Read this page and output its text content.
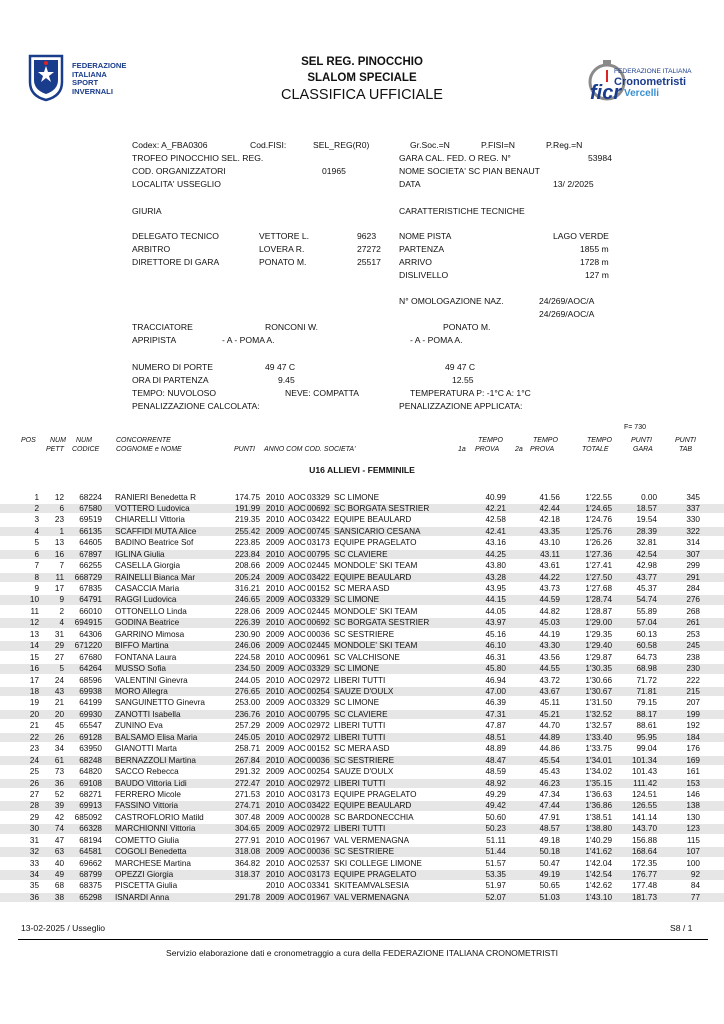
FEDERAZIONE
ITALIANA
SPORT
INVERNALI
FEDERAZIONE ITALIANA
Cronometristi
Vercelli
ficr
SEL REG. PINOCCHIO
SLALOM SPECIALE
CLASSIFICA UFFICIALE
Codex: A_FBA0306	Cod.FISI:	SEL_REG(R0)	Gr.Soc.=N	P.FISI=N	P.Reg.=N
TROFEO PINOCCHIO SEL. REG.	GARA CAL. FED. O REG. N°	53984
COD. ORGANIZZATORI	01965	NOME SOCIETA' SC PIAN BENAUT
LOCALITA' USSEGLIO	DATA	13/ 2/2025
GIURIA	CARATTERISTICHE TECNICHE
DELEGATO TECNICO	VETTORE L.	9623	NOME PISTA	LAGO VERDE
ARBITRO	LOVERA R.	27272 PARTENZA	1855 m
DIRETTORE DI GARA	PONATO M.	25517 ARRIVO	1728 m
DISLIVELLO	127 m
N° OMOLOGAZIONE NAZ.	24/269/AOC/A
24/269/AOC/A
TRACCIATORE	RONCONI W.	PONATO M.
APRIPISTA	- A - POMA A.	- A - POMA A.
NUMERO DI PORTE	49 47 C	49 47 C
ORA DI PARTENZA	9.45	12.55
TEMPO: NUVOLOSO	NEVE: COMPATTA	TEMPERATURA P: -1°C A: 1°C
PENALIZZAZIONE CALCOLATA:	PENALIZZAZIONE APPLICATA:
F= 730
POS NUM
PETT
NUM
CODICE
CONCORRENTE
COGNOME e NOME	PUNTI ANNO COM COD. SOCIETA'	1a
TEMPO
PROVA 2a
TEMPO
PROVA
TEMPO
TOTALE
PUNTI
GARA
PUNTI
TAB
U16 ALLIEVI - FEMMINILE
1 12 68224 RANIERI Benedetta R	174.75 2010 AOC 03329 SC LIMONE	40.99	41.56	1'22.55	0.00	345
2 6 67580 VOTTERO Ludovica	191.99 2010 AOC 00692 SC BORGATA SESTRIER	42.21	42.44	1'24.65	18.57	337
3 23 69519 CHIARELLI Vittoria	219.35 2010 AOC 03422 EQUIPE BEAULARD	42.58	42.18	1'24.76	19.54	330
4 1 66135 SCAFFIDI MUTA Alice	255.42 2009 AOC 00745 SANSICARIO CESANA	42.41	43.35	1'25.76	28.39	322
5 13 64605 BADINO Beatrice Sof	223.85 2009 AOC 03173 EQUIPE PRAGELATO	43.16	43.10	1'26.26	32.81	314
6 16 67897 IGLINA Giulia	223.84 2010 AOC 00795 SC CLAVIERE	44.25	43.11	1'27.36	42.54	307
7 7 66255 CASELLA Giorgia	208.66 2009 AOC 02445 MONDOLE' SKI TEAM	43.80	43.61	1'27.41	42.98	299
8 11 668729 RAINELLI Bianca Mar	205.24 2009 AOC 03422 EQUIPE BEAULARD	43.28	44.22	1'27.50	43.77	291
9 17 67835 CASACCIA Maria	316.21 2010 AOC 00152 SC MERA ASD	43.95	43.73	1'27.68	45.37	284
10 9 64791 RAGGI Ludovica	246.65 2009 AOC 03329 SC LIMONE	44.15	44.59	1'28.74	54.74	276
11 2 66010 OTTONELLO Linda	228.06 2009 AOC 02445 MONDOLE' SKI TEAM	44.05	44.82	1'28.87	55.89	268
12 4 694915 GODINA Beatrice	226.39 2010 AOC 00692 SC BORGATA SESTRIER	43.97	45.03	1'29.00	57.04	261
13 31 64306 GARRINO Mimosa	230.90 2009 AOC 00036 SC SESTRIERE	45.16	44.19	1'29.35	60.13	253
14 29 671220 BIFFO Martina	246.06 2009 AOC 02445 MONDOLE' SKI TEAM	46.10	43.30	1'29.40	60.58	245
15 27 67680 FONTANA Laura	224.58 2010 AOC 00961 SC VALCHISONE	46.31	43.56	1'29.87	64.73	238
16 5 64264 MUSSO Sofia	234.50 2009 AOC 03329 SC LIMONE	45.80	44.55	1'30.35	68.98	230
17 24 68596 VALENTINI Ginevra	244.05 2010 AOC 02972 LIBERI TUTTI	46.94	43.72	1'30.66	71.72	222
18 43 69938 MORO Allegra	276.65 2010 AOC 00254 SAUZE D'OULX	47.00	43.67	1'30.67	71.81	215
19 21 64199 SANGUINETTO Ginevra	253.00 2009 AOC 03329 SC LIMONE	46.39	45.11	1'31.50	79.15	207
20 20 69930 ZANOTTI Isabella	236.76 2010 AOC 00795 SC CLAVIERE	47.31	45.21	1'32.52	88.17	199
21 45 65547 ZUNINO Eva	257.29 2009 AOC 02972 LIBERI TUTTI	47.87	44.70	1'32.57	88.61	192
22 26 69128 BALSAMO Elisa Maria	245.05 2010 AOC 02972 LIBERI TUTTI	48.51	44.89	1'33.40	95.95	184
23 34 63950 GIANOTTI Marta	258.71 2009 AOC 00152 SC MERA ASD	48.89	44.86	1'33.75	99.04	176
24 61 68248 BERNAZZOLI Martina	267.84 2010 AOC 00036 SC SESTRIERE	48.47	45.54	1'34.01 101.34	169
25 73 64820 SACCO Rebecca	291.32 2009 AOC 00254 SAUZE D'OULX	48.59	45.43	1'34.02 101.43	161
26 36 69108 BAUDO Vittoria Lidi	272.47 2010 AOC 02972 LIBERI TUTTI	48.92	46.23	1'35.15	111.42	153
27 52 68271 FERRERO Micole	271.53 2010 AOC 03173 EQUIPE PRAGELATO	49.29	47.34	1'36.63 124.51	146
28 39 69913 FASSINO Vittoria	274.71 2010 AOC 03422 EQUIPE BEAULARD	49.42	47.44	1'36.86 126.55	138
29 42 685092 CASTROFLORIO Matild	307.48 2009 AOC 00028 SC BARDONECCHIA	50.60	47.91	1'38.51 141.14	130
30 74 66328 MARCHIONNI Vittoria	304.65 2009 AOC 02972 LIBERI TUTTI	50.23	48.57	1'38.80 143.70	123
31 47 68194 COMETTO Giulia	277.91 2010 AOC 01967 VAL VERMENAGNA	51.11	49.18	1'40.29 156.88	115
32 63 64581 COGOLI Benedetta	318.08 2009 AOC 00036 SC SESTRIERE	51.44	50.18	1'41.62 168.64	107
33 40 69662 MARCHESE Martina	364.82 2010 AOC 02537 SKI COLLEGE LIMONE	51.57	50.47	1'42.04 172.35	100
34 49 68799 OPEZZI Giorgia	318.37 2010 AOC 03173 EQUIPE PRAGELATO	53.35	49.19	1'42.54 176.77	92
35 68 68375 PISCETTA Giulia	2010 AOC 03341 SKITEAMVALSESIA	51.97	50.65	1'42.62 177.48	84
36 38 65298 ISNARDI Anna	291.78 2009 AOC 01967 VAL VERMENAGNA	52.07	51.03	1'43.10 181.73	77
13-02-2025 / Usseglio	S8 / 1
Servizio elaborazione dati e cronometraggio a cura della FEDERAZIONE ITALIANA CRONOMETRISTI
